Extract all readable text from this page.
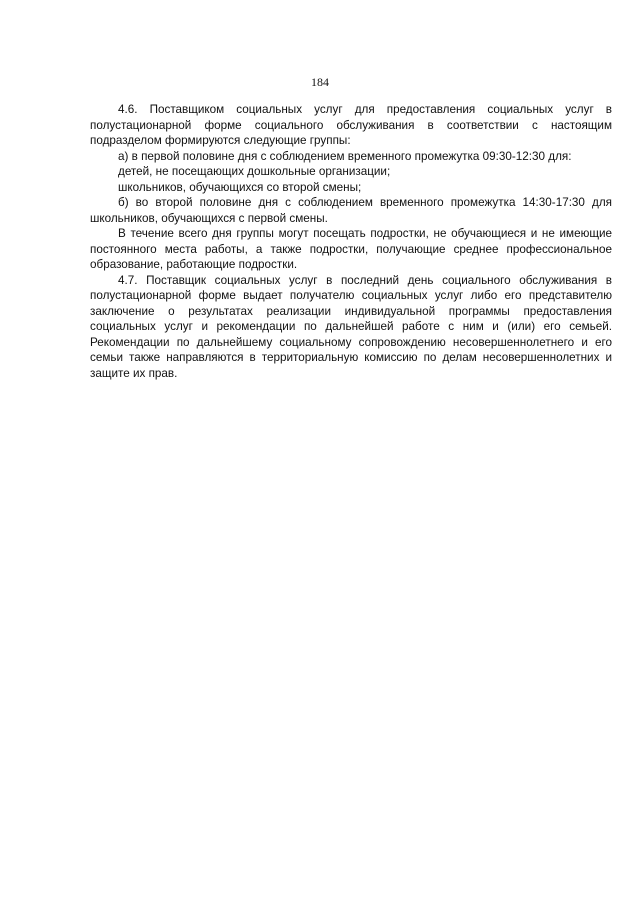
184

4.6. Поставщиком социальных услуг для предоставления социальных услуг в полустационарной форме социального обслуживания в соответствии с настоящим подразделом формируются следующие группы:

а) в первой половине дня с соблюдением временного промежутка 09:30-12:30 для:

детей, не посещающих дошкольные организации;

школьников, обучающихся со второй смены;

б) во второй половине дня с соблюдением временного промежутка 14:30-17:30 для школьников, обучающихся с первой смены.

В течение всего дня группы могут посещать подростки, не обучающиеся и не имеющие постоянного места работы, а также подростки, получающие среднее профессиональное образование, работающие подростки.

4.7. Поставщик социальных услуг в последний день социального обслуживания в полустационарной форме выдает получателю социальных услуг либо его представителю заключение о результатах реализации индивидуальной программы предоставления социальных услуг и рекомендации по дальнейшей работе с ним и (или) его семьей. Рекомендации по дальнейшему социальному сопровождению несовершеннолетнего и его семьи также направляются в территориальную комиссию по делам несовершеннолетних и защите их прав.
